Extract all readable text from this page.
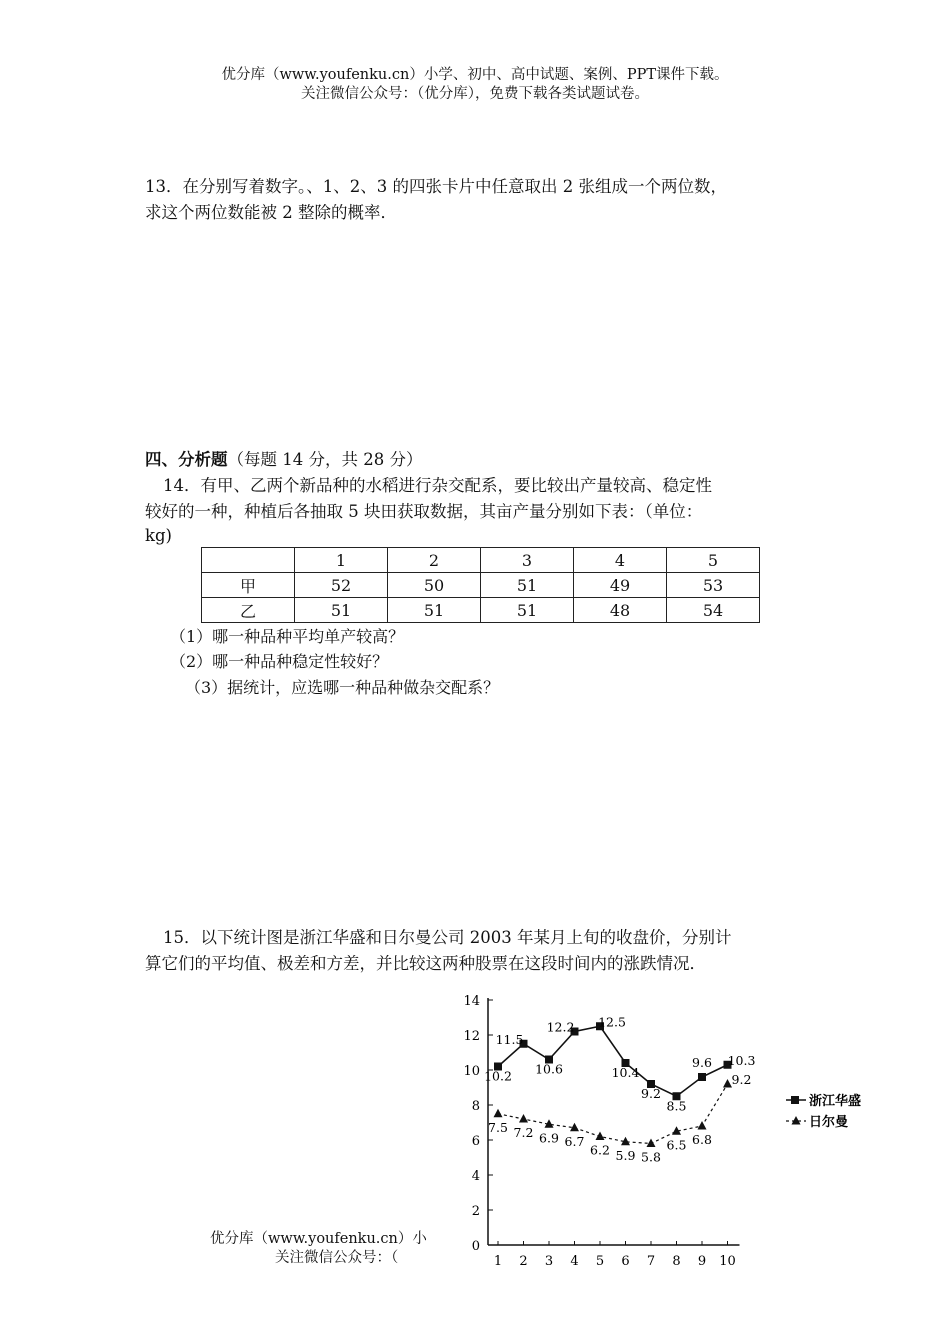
优分库（www.youfenku.cn）小学、初中、高中试题、案例、PPT课件下载。
关注微信公众号：（优分库），免费下载各类试题试卷。

13．在分别写着数字。、1、2、3 的四张卡片中任意取出 2 张组成一个两位数，

求这个两位数能被 2 整除的概率．

四、分析题（每题 14 分，共 28 分）

14．有甲、乙两个新品种的水稻进行杂交配系，要比较出产量较高、稳定性

较好的一种，种植后各抽取 5 块田获取数据，其亩产量分别如下表：（单位：

kg)

	1	2	3	4	5
甲	52	50	51	49	53
乙	51	51	51	48	54
（1）哪一种品种平均单产较高？
（2）哪一种品种稳定性较好？
（3）据统计，应选哪一种品种做杂交配系？

15．以下统计图是浙江华盛和日尔曼公司 2003 年某月上旬的收盘价，分别计

算它们的平均值、极差和方差，并比较这两种股票在这段时间内的涨跌情况．

0
2
4
6
8
10
12
14
1 2 3 4 5 6 7 8 9 10
10.2
11.5
10.6
12.2 12.5
10.4
9.2
8.5
9.6 10.3
7.5 7.2 6.9 6.7
6.2 5.9 5.8
6.5 6.8
9.2
浙江华盛
日尔曼
优分库（www.youfenku.cn）小
关注微信公众号：（
